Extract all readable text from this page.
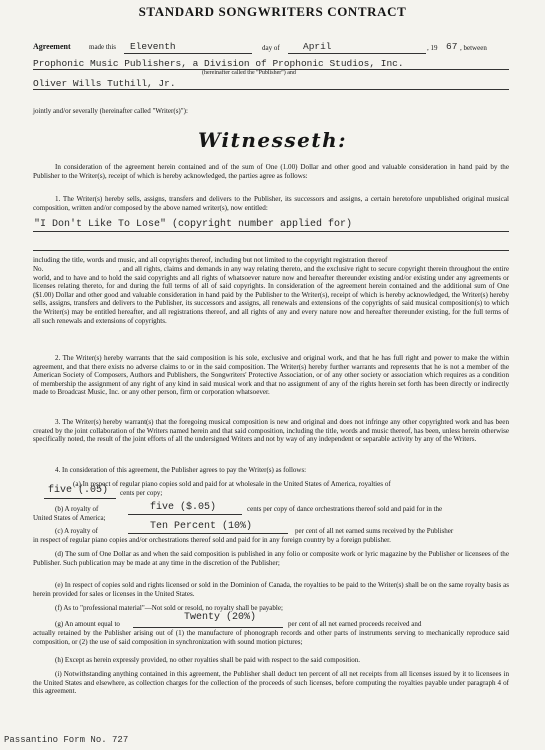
STANDARD SONGWRITERS CONTRACT
Agreement	made this Eleventh	day of April	, 19 67 , between
Prophonic Music Publishers, a Division of Prophonic Studios, Inc.
(hereinafter called the "Publisher") and
Oliver Wills Tuthill, Jr.
jointly and/or severally (hereinafter called "Writer(s)"):
Witnesseth:
In consideration of the agreement herein contained and of the sum of One (1.00) Dollar and other good and valuable consideration in hand paid by the Publisher to the Writer(s), receipt of which is hereby acknowledged, the parties agree as follows:
1. The Writer(s) hereby sells, assigns, transfers and delivers to the Publisher, its successors and assigns, a certain heretofore unpublished original musical composition, written and/or composed by the above named writer(s), now entitled:
"I Don't Like To Lose" (copyright number applied for)
including the title, words and music, and all copyrights thereof, including but not limited to the copyright registration thereof
No.	, and all rights, claims and demands in any way relating thereto, and the exclusive right to secure copyright therein throughout the entire world, and to have and to hold the said copyrights and all rights of whatsoever nature now and hereafter thereunder existing and/or existing under any agreements or licenses relating thereto, for and during the full terms of all of said copyrights. In consideration of the agreement herein contained and the additional sum of One ($1.00) Dollar and other good and valuable consideration in hand paid by the Publisher to the Writer(s), receipt of which is hereby acknowledged, the Writer(s) hereby sells, assigns, transfers and delivers to the Publisher, its successors and assigns, all renewals and extensions of the copyrights of said musical composition(s) to which the Writer(s) may be entitled hereafter, and all registrations thereof, and all rights of any and every nature now and hereafter thereunder existing, for the full terms of all such renewals and extensions of copyrights.
2. The Writer(s) hereby warrants that the said composition is his sole, exclusive and original work, and that he has full right and power to make the within agreement, and that there exists no adverse claims to or in the said composition. The Writer(s) hereby further warrants and represents that he is not a member of the American Society of Composers, Authors and Publishers, the Songwriters' Protective Association, or of any other society or association which requires as a condition of membership the assignment of any right of any kind in said musical work and that no assignment of any of the rights herein set forth has been directly or indirectly made to Broadcast Music, Inc. or any other person, firm or corporation whatsoever.
3. The Writer(s) hereby warrant(s) that the foregoing musical composition is new and original and does not infringe any other copyrighted work and has been created by the joint collaboration of the Writers named herein and that said composition, including the title, words and music thereof, has been, unless herein otherwise specifically noted, the result of the joint efforts of all the undersigned Writers and not by way of any independent or separable activity by any of the Writers.
4. In consideration of this agreement, the Publisher agrees to pay the Writer(s) as follows:
(a) In respect of regular piano copies sold and paid for at wholesale in the United States of America, royalties of
five (.05) cents per copy;
(b) A royalty of	five ($.05)	cents per copy of dance orchestrations thereof sold and paid for in the
United States of America;
(c) A royalty of	Ten Percent (10%)	per cent of all net earned sums received by the Publisher
in respect of regular piano copies and/or orchestrations thereof sold and paid for in any foreign country by a foreign publisher.
(d) The sum of One Dollar as and when the said composition is published in any folio or composite work or lyric magazine by the Publisher or licensees of the Publisher. Such publication may be made at any time in the discretion of the Publisher;
(e) In respect of copies sold and rights licensed or sold in the Dominion of Canada, the royalties to be paid to the Writer(s) shall be on the same royalty basis as herein provided for sales or licenses in the United States.
(f) As to "professional material"—Not sold or resold, no royalty shall be payable;
Twenty (20%)
(g) An amount equal to	per cent of all net earned proceeds received and
actually retained by the Publisher arising out of (1) the manufacture of phonograph records and other parts of instruments serving to mechanically reproduce said composition, or (2) the use of said composition in synchronization with sound motion pictures;
(h) Except as herein expressly provided, no other royalties shall be paid with respect to the said composition.
(i) Notwithstanding anything contained in this agreement, the Publisher shall deduct ten percent of all net receipts from all licenses issued by it to licensees in the United States and elsewhere, as collection charges for the collection of the proceeds of such licenses, before computing the royalties payable under paragraph 4 of this agreement.
Passantino Form No. 727
